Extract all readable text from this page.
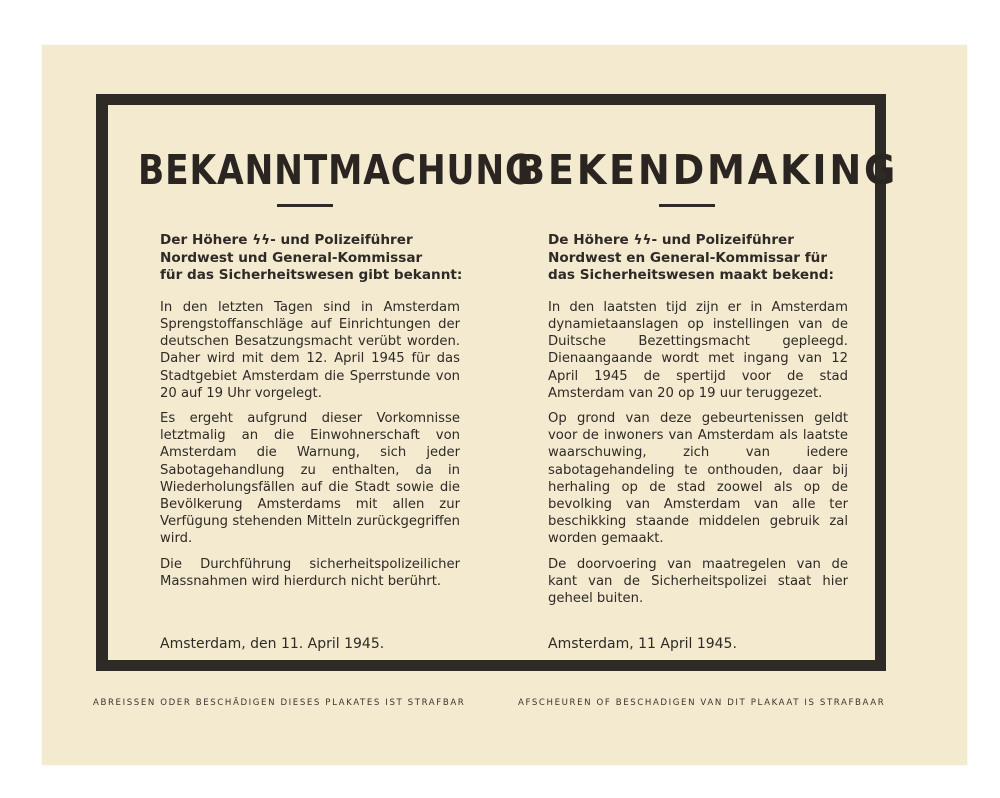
BEKANNTMACHUNG
BEKENDMAKING
Der Höhere ϟϟ- und Polizeiführer
Nordwest und General-Kommissar
für das Sicherheitswesen gibt bekannt:
In den letzten Tagen sind in Amsterdam Sprengstoffanschläge auf Einrichtungen der deutschen Besatzungsmacht verübt worden. Daher wird mit dem 12. April 1945 für das Stadtgebiet Amsterdam die Sperrstunde von 20 auf 19 Uhr vorgelegt.
Es ergeht aufgrund dieser Vorkomnisse letztmalig an die Einwohnerschaft von Amsterdam die Warnung, sich jeder Sabotagehandlung zu enthalten, da in Wiederholungsfällen auf die Stadt sowie die Bevölkerung Amsterdams mit allen zur Verfügung stehenden Mitteln zurückgegriffen wird.
Die Durchführung sicherheitspolizeilicher Massnahmen wird hierdurch nicht berührt.
De Höhere ϟϟ- und Polizeiführer
Nordwest en General-Kommissar für
das Sicherheitswesen maakt bekend:
In den laatsten tijd zijn er in Amsterdam dynamietaanslagen op instellingen van de Duitsche Bezettingsmacht gepleegd. Dienaangaande wordt met ingang van 12 April 1945 de spertijd voor de stad Amsterdam van 20 op 19 uur teruggezet.
Op grond van deze gebeurtenissen geldt voor de inwoners van Amsterdam als laatste waarschuwing, zich van iedere sabotagehandeling te onthouden, daar bij herhaling op de stad zoowel als op de bevolking van Amsterdam van alle ter beschikking staande middelen gebruik zal worden gemaakt.
De doorvoering van maatregelen van de kant van de Sicherheitspolizei staat hier geheel buiten.
Amsterdam, den 11. April 1945.	Amsterdam, 11 April 1945.
ABREISSEN ODER BESCHÄDIGEN DIESES PLAKATES IST STRAFBAR	AFSCHEUREN OF BESCHADIGEN VAN DIT PLAKAAT IS STRAFBAAR
